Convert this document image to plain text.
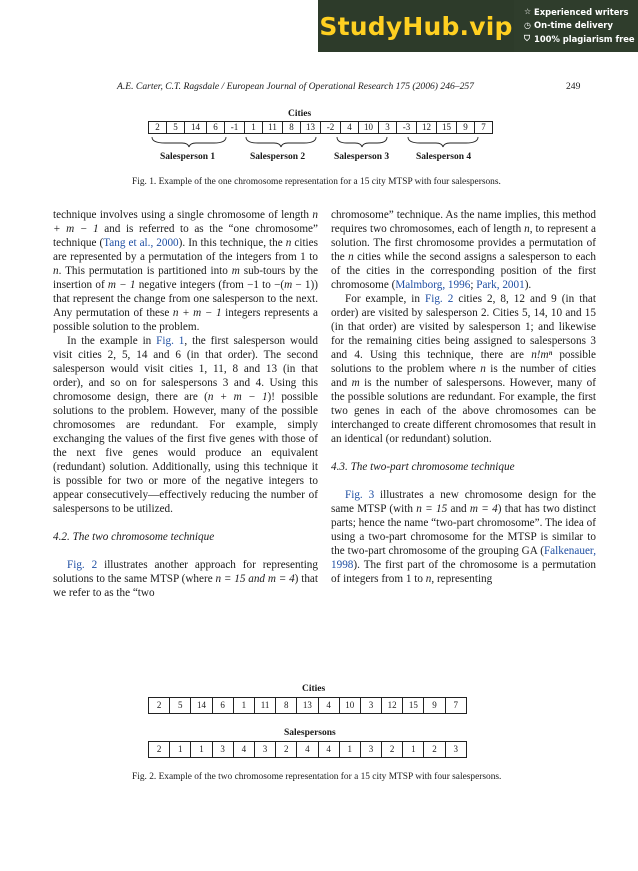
StudyHub.vip ☆ Experienced writers
◷ On-time delivery
⛉ 100% plagiarism free
A.E. Carter, C.T. Ragsdale / European Journal of Operational Research 175 (2006) 246–257	249
Cities
2	5	14	6	-1	1	11	8	13	-2	4	10	3	-3	12	15	9	7
Salesperson 1	Salesperson 2	Salesperson 3	Salesperson 4
Fig. 1. Example of the one chromosome representation for a 15 city MTSP with four salespersons.

technique involves using a single chromosome of length n + m − 1 and is referred to as the “one chromosome” technique (Tang et al., 2000). In this technique, the n cities are represented by a permutation of the integers from 1 to n. This permutation is partitioned into m sub-tours by the insertion of m − 1 negative integers (from −1 to −(m − 1)) that represent the change from one salesperson to the next. Any permutation of these n + m − 1 integers represents a possible solution to the problem.

In the example in Fig. 1, the first salesperson would visit cities 2, 5, 14 and 6 (in that order). The second salesperson would visit cities 1, 11, 8 and 13 (in that order), and so on for salespersons 3 and 4. Using this chromosome design, there are (n + m − 1)! possible solutions to the problem. However, many of the possible chromosomes are redundant. For example, simply exchanging the values of the first five genes with those of the next five genes would produce an equivalent (redundant) solution. Additionally, using this technique it is possible for two or more of the negative integers to appear consecutively—effectively reducing the number of salespersons to be utilized.

4.2. The two chromosome technique

Fig. 2 illustrates another approach for representing solutions to the same MTSP (where n = 15 and m = 4) that we refer to as the “two

chromosome” technique. As the name implies, this method requires two chromosomes, each of length n, to represent a solution. The first chromosome provides a permutation of the n cities while the second assigns a salesperson to each of the cities in the corresponding position of the first chromosome (Malmborg, 1996; Park, 2001).

For example, in Fig. 2 cities 2, 8, 12 and 9 (in that order) are visited by salesperson 2. Cities 5, 14, 10 and 15 (in that order) are visited by salesperson 1; and likewise for the remaining cities being assigned to salespersons 3 and 4. Using this technique, there are n!mⁿ possible solutions to the problem where n is the number of cities and m is the number of salespersons. However, many of the possible solutions are redundant. For example, the first two genes in each of the above chromosomes can be interchanged to create different chromosomes that result in an identical (or redundant) solution.

4.3. The two-part chromosome technique

Fig. 3 illustrates a new chromosome design for the same MTSP (with n = 15 and m = 4) that has two distinct parts; hence the name “two-part chromosome”. The idea of using a two-part chromosome for the MTSP is similar to the two-part chromosome of the grouping GA (Falkenauer, 1998). The first part of the chromosome is a permutation of integers from 1 to n, representing

Cities
2	5	14	6	1	11	8	13	4	10	3	12	15	9	7
Salespersons
2	1	1	3	4	3	2	4	4	1	3	2	1	2	3
Fig. 2. Example of the two chromosome representation for a 15 city MTSP with four salespersons.
